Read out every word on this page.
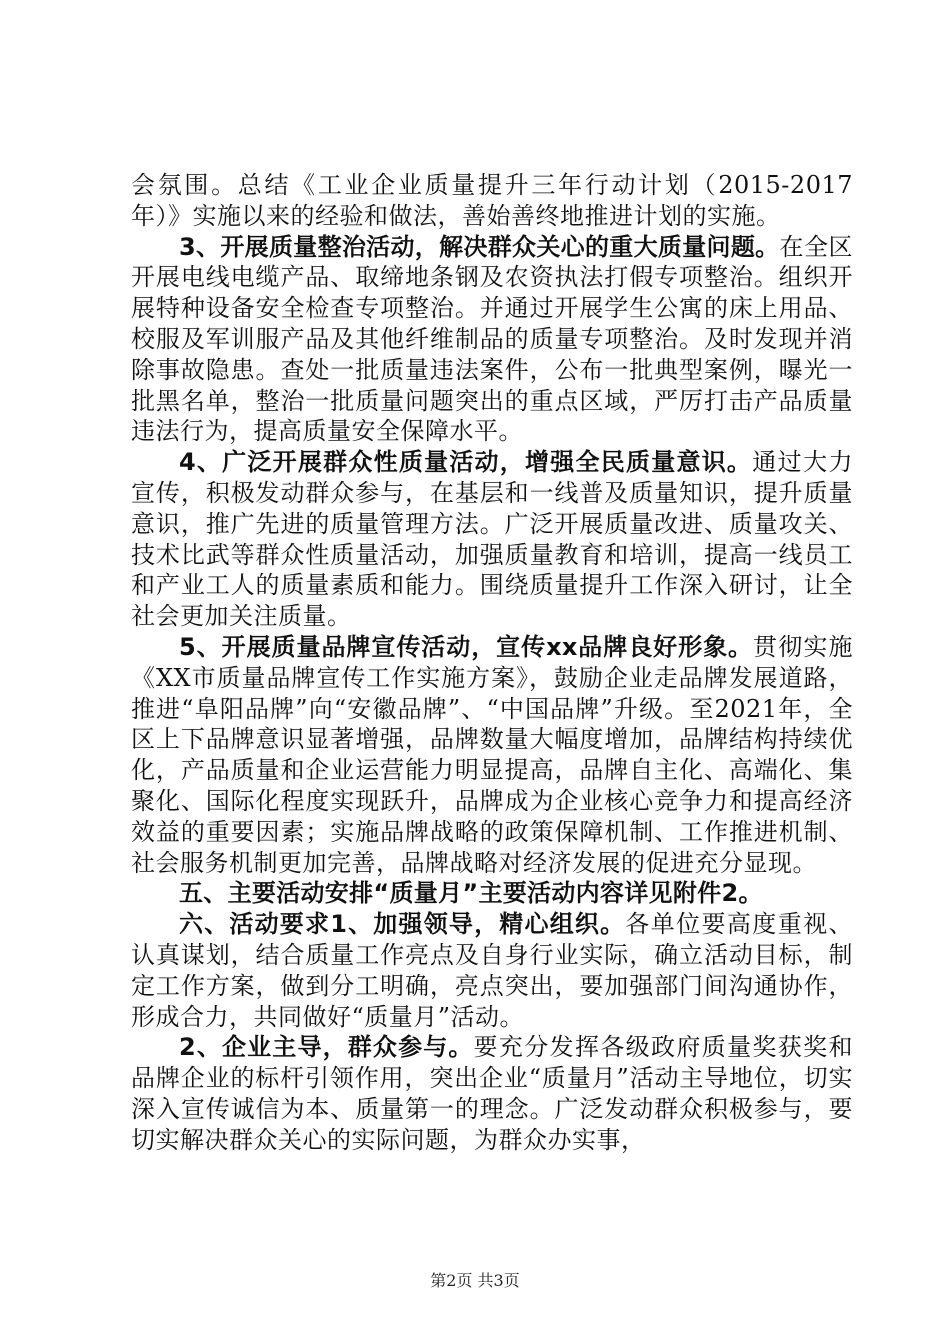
会氛围。总结《工业企业质量提升三年行动计划（2015-2017年）》实施以来的经验和做法，善始善终地推进计划的实施。

3、开展质量整治活动，解决群众关心的重大质量问题。在全区开展电线电缆产品、取缔地条钢及农资执法打假专项整治。组织开展特种设备安全检查专项整治。并通过开展学生公寓的床上用品、校服及军训服产品及其他纤维制品的质量专项整治。及时发现并消除事故隐患。查处一批质量违法案件，公布一批典型案例，曝光一批黑名单，整治一批质量问题突出的重点区域，严厉打击产品质量违法行为，提高质量安全保障水平。

4、广泛开展群众性质量活动，增强全民质量意识。通过大力宣传，积极发动群众参与，在基层和一线普及质量知识，提升质量意识，推广先进的质量管理方法。广泛开展质量改进、质量攻关、技术比武等群众性质量活动，加强质量教育和培训，提高一线员工和产业工人的质量素质和能力。围绕质量提升工作深入研讨，让全社会更加关注质量。

5、开展质量品牌宣传活动，宣传xx品牌良好形象。贯彻实施《XX市质量品牌宣传工作实施方案》，鼓励企业走品牌发展道路，推进“阜阳品牌”向“安徽品牌”、“中国品牌”升级。至2021年，全区上下品牌意识显著增强，品牌数量大幅度增加，品牌结构持续优化，产品质量和企业运营能力明显提高，品牌自主化、高端化、集聚化、国际化程度实现跃升，品牌成为企业核心竞争力和提高经济效益的重要因素；实施品牌战略的政策保障机制、工作推进机制、社会服务机制更加完善，品牌战略对经济发展的促进充分显现。

五、主要活动安排“质量月”主要活动内容详见附件2。

六、活动要求1、加强领导，精心组织。各单位要高度重视、认真谋划，结合质量工作亮点及自身行业实际，确立活动目标，制定工作方案，做到分工明确，亮点突出，要加强部门间沟通协作，形成合力，共同做好“质量月”活动。

2、企业主导，群众参与。要充分发挥各级政府质量奖获奖和品牌企业的标杆引领作用，突出企业“质量月”活动主导地位，切实深入宣传诚信为本、质量第一的理念。广泛发动群众积极参与，要切实解决群众关心的实际问题，为群众办实事，

第2页 共3页
